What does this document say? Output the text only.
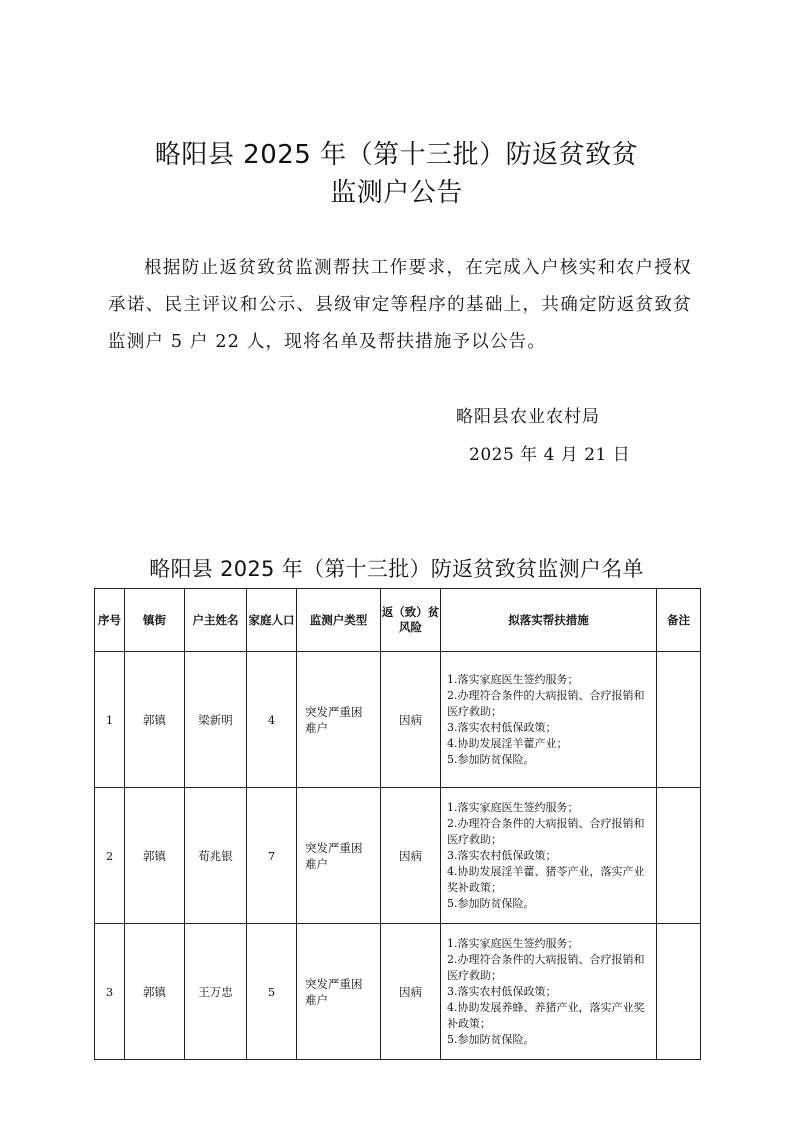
略阳县 2025 年（第十三批）防返贫致贫
监测户公告

根据防止返贫致贫监测帮扶工作要求，在完成入户核实和农户授权承诺、民主评议和公示、县级审定等程序的基础上，共确定防返贫致贫监测户 5 户 22 人，现将名单及帮扶措施予以公告。

略阳县农业农村局
2025 年 4 月 21 日
略阳县 2025 年（第十三批）防返贫致贫监测户名单
序号	镇街	户主姓名	家庭人口	监测户类型	返（致）贫风险	拟落实帮扶措施	备注
1	郭镇	梁新明	4	突发严重困难户	因病	1.落实家庭医生签约服务；
2.办理符合条件的大病报销、合疗报销和医疗救助；
3.落实农村低保政策；
4.协助发展淫羊藿产业；
5.参加防贫保险。	

2	郭镇	荀兆银	7	突发严重困难户	因病	1.落实家庭医生签约服务；
2.办理符合条件的大病报销、合疗报销和医疗救助；
3.落实农村低保政策；
4.协助发展淫羊藿、猪苓产业，落实产业奖补政策；
5.参加防贫保险。	

3	郭镇	王万忠	5	突发严重困难户	因病	1.落实家庭医生签约服务；
2.办理符合条件的大病报销、合疗报销和医疗救助；
3.落实农村低保政策；
4.协助发展养蜂、养猪产业，落实产业奖补政策；
5.参加防贫保险。	
